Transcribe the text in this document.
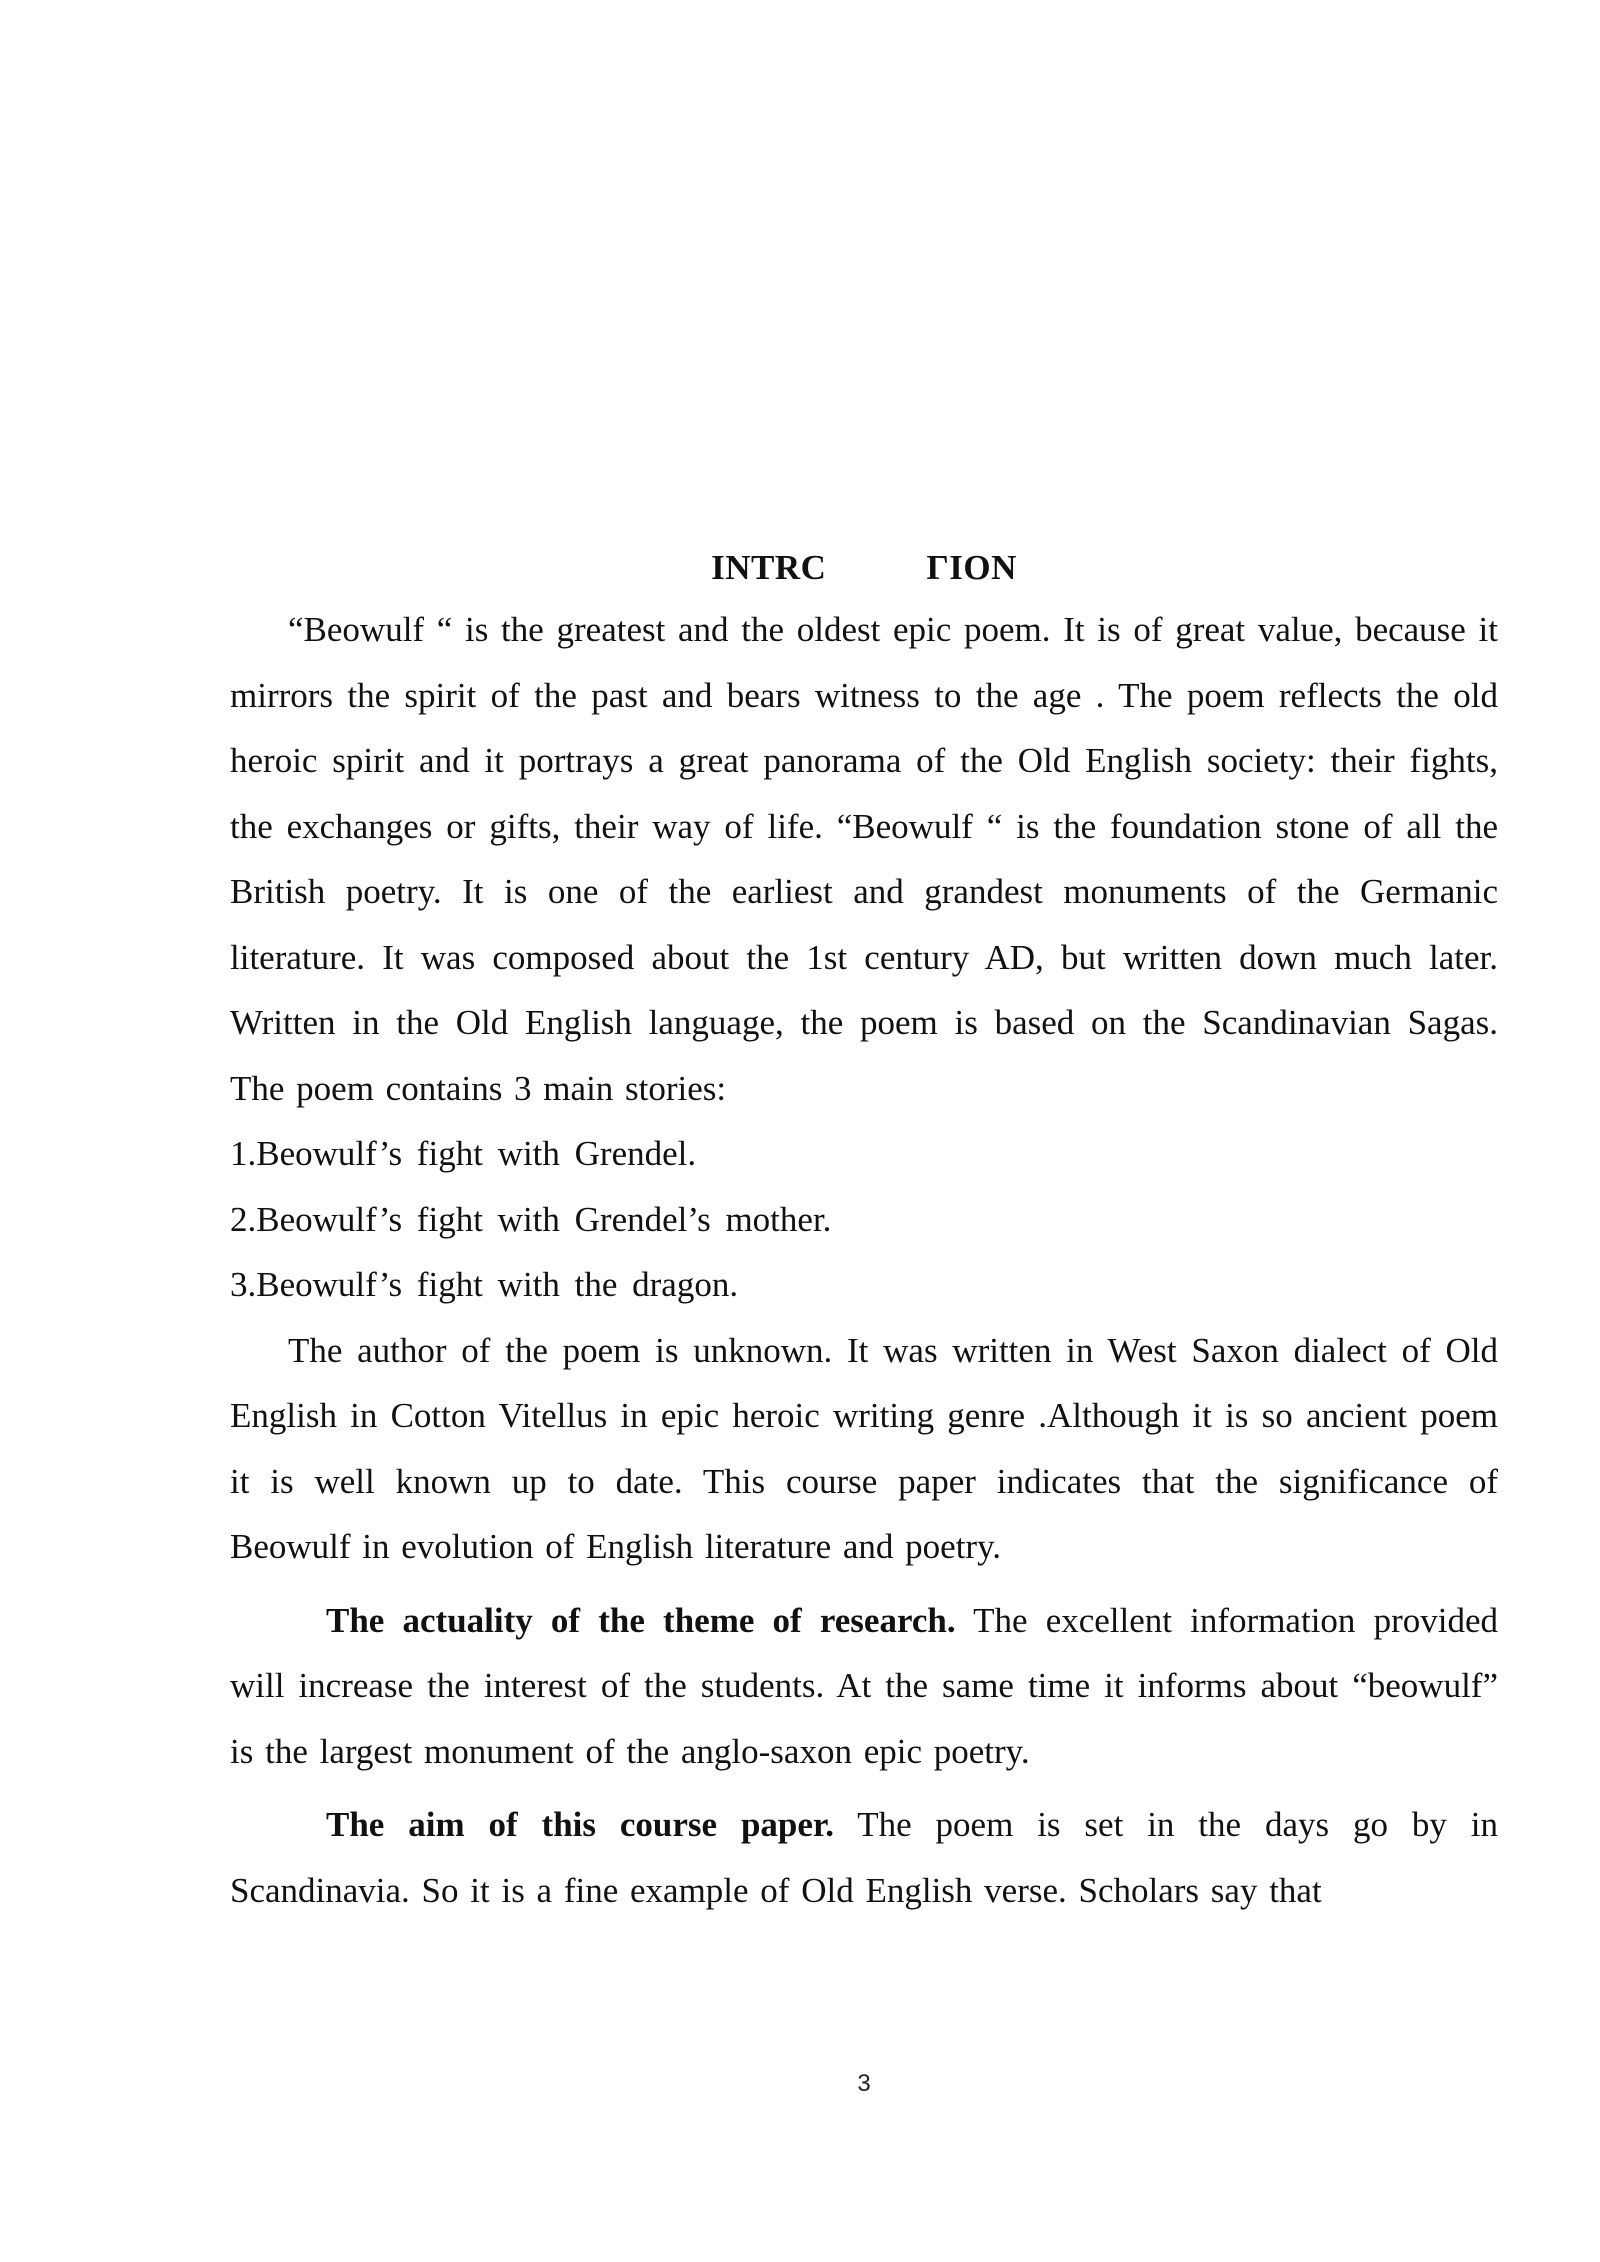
INTRC	ΓΙΟΝ

“Beowulf “ is the greatest and the oldest epic poem. It is of great value, because it mirrors the spirit of the past and bears witness to the age . The poem reflects the old heroic spirit and it portrays a great panorama of the Old English society: their fights, the exchanges or gifts, their way of life. “Beowulf “ is the foundation stone of all the British poetry. It is one of the earliest and grandest monuments of the Germanic literature. It was composed about the 1st century AD, but written down much later. Written in the Old English language, the poem is based on the Scandinavian Sagas. The poem contains 3 main stories:

1.Beowulf’s fight with Grendel.

2.Beowulf’s fight with Grendel’s mother.

3.Beowulf’s fight with the dragon.

The author of the poem is unknown. It was written in West Saxon dialect of Old English in Cotton Vitellus in epic heroic writing genre .Although it is so ancient poem it is well known up to date. This course paper indicates that the significance of Beowulf in evolution of English literature and poetry.

The actuality of the theme of research. The excellent information provided will increase the interest of the students. At the same time it informs about “beowulf” is the largest monument of the anglo-saxon epic poetry.

The aim of this course paper. The poem is set in the days go by in Scandinavia. So it is a fine example of Old English verse. Scholars say that

3
